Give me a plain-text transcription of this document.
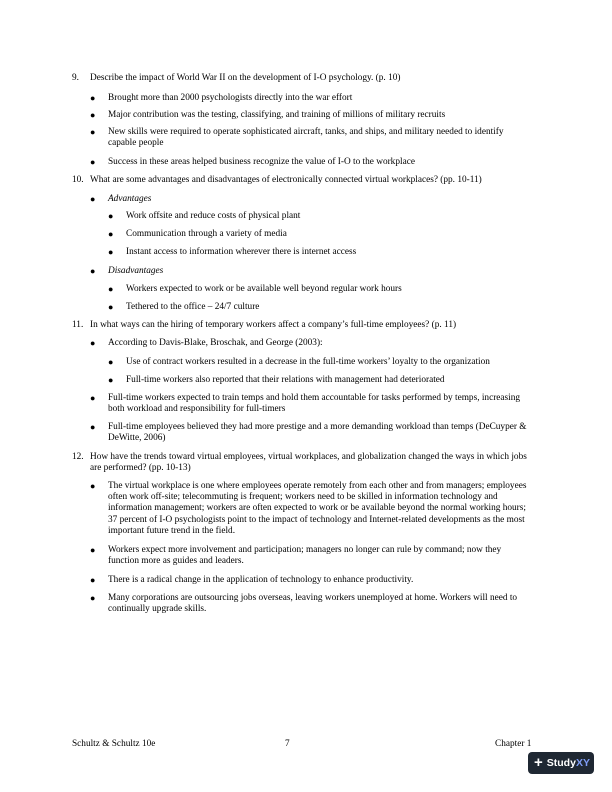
9. Describe the impact of World War II on the development of I-O psychology. (p. 10)
● Brought more than 2000 psychologists directly into the war effort
● Major contribution was the testing, classifying, and training of millions of military recruits
● New skills were required to operate sophisticated aircraft, tanks, and ships, and military needed to identify capable people
● Success in these areas helped business recognize the value of I-O to the workplace
10. What are some advantages and disadvantages of electronically connected virtual workplaces? (pp. 10-11)
● Advantages
● Work offsite and reduce costs of physical plant
● Communication through a variety of media
● Instant access to information wherever there is internet access
● Disadvantages
● Workers expected to work or be available well beyond regular work hours
● Tethered to the office – 24/7 culture
11. In what ways can the hiring of temporary workers affect a company’s full-time employees? (p. 11)
● According to Davis-Blake, Broschak, and George (2003):
● Use of contract workers resulted in a decrease in the full-time workers’ loyalty to the organization
● Full-time workers also reported that their relations with management had deteriorated
● Full-time workers expected to train temps and hold them accountable for tasks performed by temps, increasing both workload and responsibility for full-timers
● Full-time employees believed they had more prestige and a more demanding workload than temps (DeCuyper & DeWitte, 2006)
12. How have the trends toward virtual employees, virtual workplaces, and globalization changed the ways in which jobs are performed? (pp. 10-13)
● The virtual workplace is one where employees operate remotely from each other and from managers; employees often work off-site; telecommuting is frequent; workers need to be skilled in information technology and information management; workers are often expected to work or be available beyond the normal working hours; 37 percent of I-O psychologists point to the impact of technology and Internet-related developments as the most important future trend in the field.
● Workers expect more involvement and participation; managers no longer can rule by command; now they function more as guides and leaders.
● There is a radical change in the application of technology to enhance productivity.
● Many corporations are outsourcing jobs overseas, leaving workers unemployed at home. Workers will need to continually upgrade skills.
Schultz & Schultz 10e	7	Chapter 1
+ Study XY
